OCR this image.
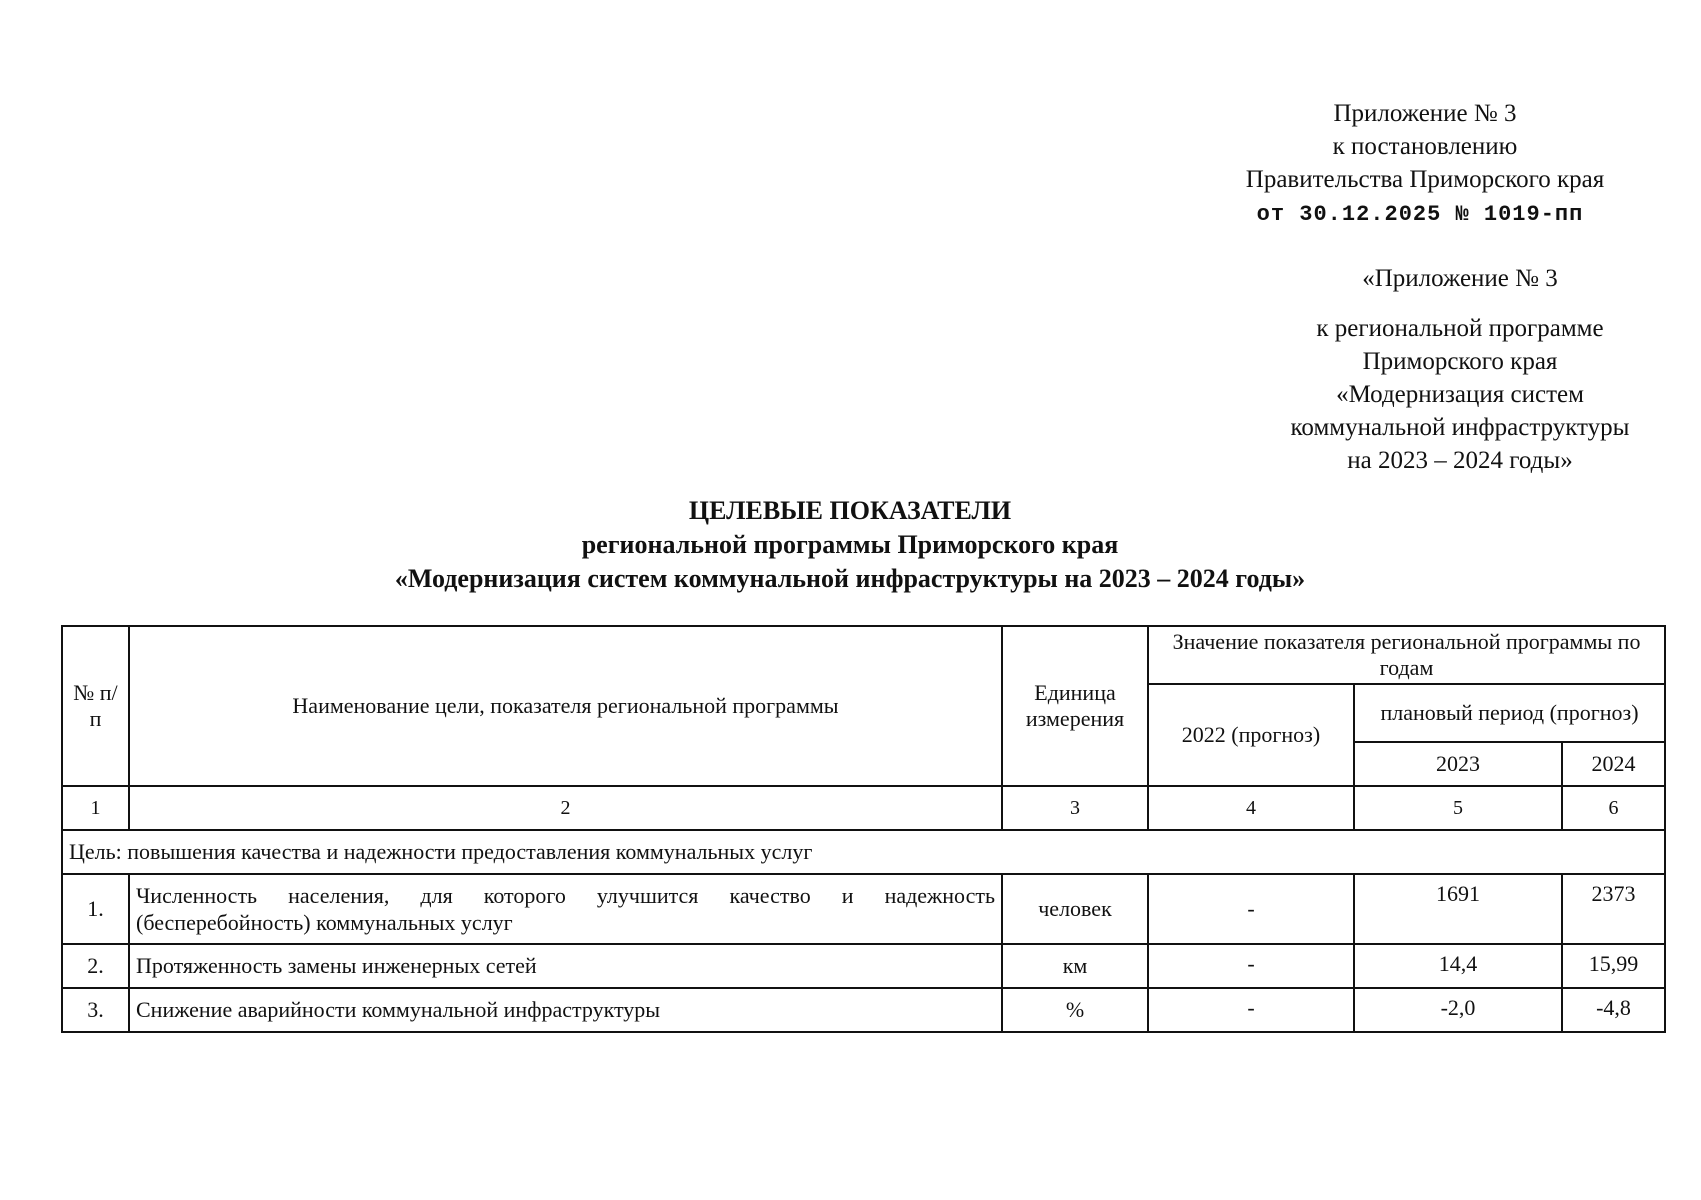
Приложение № 3
к постановлению
Правительства Приморского края
от 30.12.2025 № 1019-пп
«Приложение № 3
к региональной программе
Приморского края
«Модернизация систем
коммунальной инфраструктуры
на 2023 – 2024 годы»
ЦЕЛЕВЫЕ ПОКАЗАТЕЛИ
региональной программы Приморского края
«Модернизация систем коммунальной инфраструктуры на 2023 – 2024 годы»
№ п/п	Наименование цели, показателя региональной программы	Единица измерения	Значение показателя региональной программы по годам		
			2022 (прогноз)	плановый период (прогноз)	
				2023	2024
1	2	3	4	5	6
Цель: повышения качества и надежности предоставления коммунальных услуг					
1.	Численность населения, для которого улучшится качество и надежность (бесперебойность) коммунальных услуг	человек	-	1691	2373
2.	Протяженность замены инженерных сетей	км	-	14,4	15,99
3.	Снижение аварийности коммунальной инфраструктуры	%	-	-2,0	-4,8
